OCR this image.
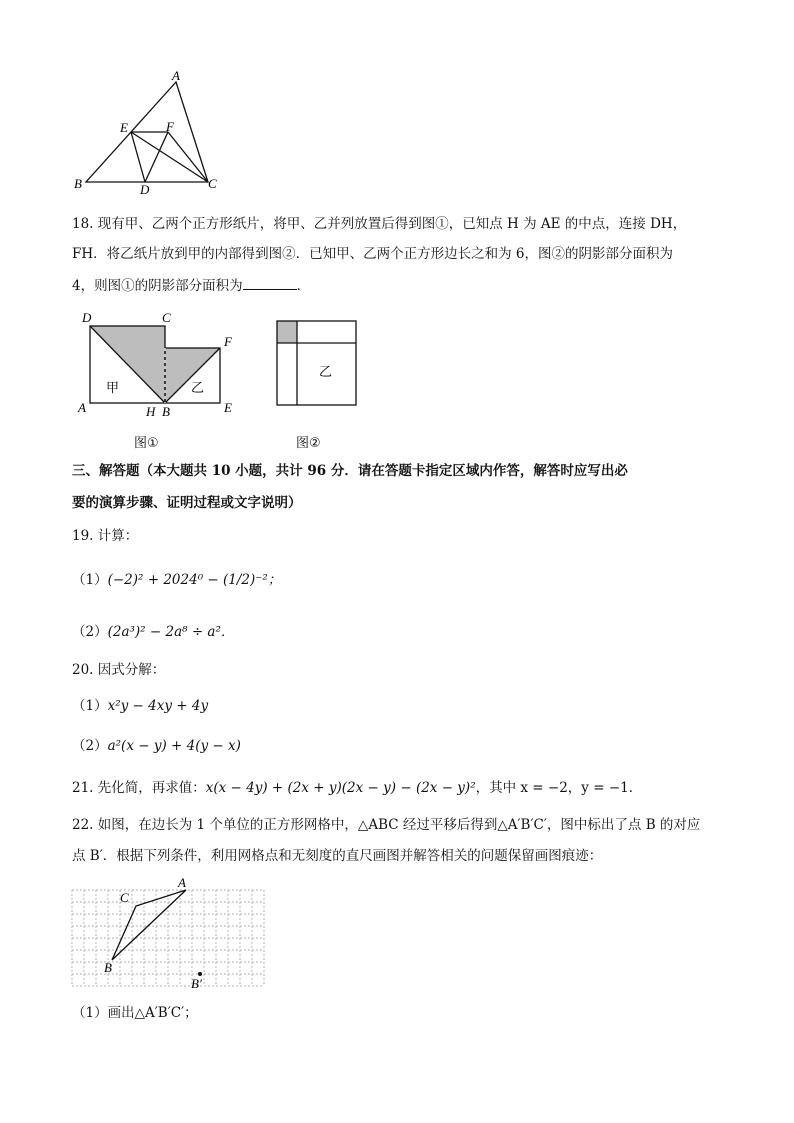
A
E	F
B	D	C
18. 现有甲、乙两个正方形纸片，将甲、乙并列放置后得到图①，已知点 H 为 AE 的中点，连接 DH，
FH．将乙纸片放到甲的内部得到图②．已知甲、乙两个正方形边长之和为 6，图②的阴影部分面积为
4，则图①的阴影部分面积为	．
D	C
F
A	H B	E
甲	乙
图①
乙
图②
三、解答题（本大题共 10 小题，共计 96 分．请在答题卡指定区域内作答，解答时应写出必
要的演算步骤、证明过程或文字说明）
19. 计算：
（1）(−2)² + 2024⁰ − (1/2)⁻²；
（2）(2a³)² − 2a⁸ ÷ a²．
20. 因式分解：
（1）x²y − 4xy + 4y
（2）a²(x − y) + 4(y − x)
21. 先化简，再求值：x(x − 4y) + (2x + y)(2x − y) − (2x − y)²，其中 x = −2，y = −1．
22. 如图，在边长为 1 个单位的正方形网格中，△ABC 经过平移后得到△A′B′C′，图中标出了点 B 的对应
点 B′．根据下列条件，利用网格点和无刻度的直尺画图并解答相关的问题保留画图痕迹：
A
C
B
B′
（1）画出△A′B′C′；
